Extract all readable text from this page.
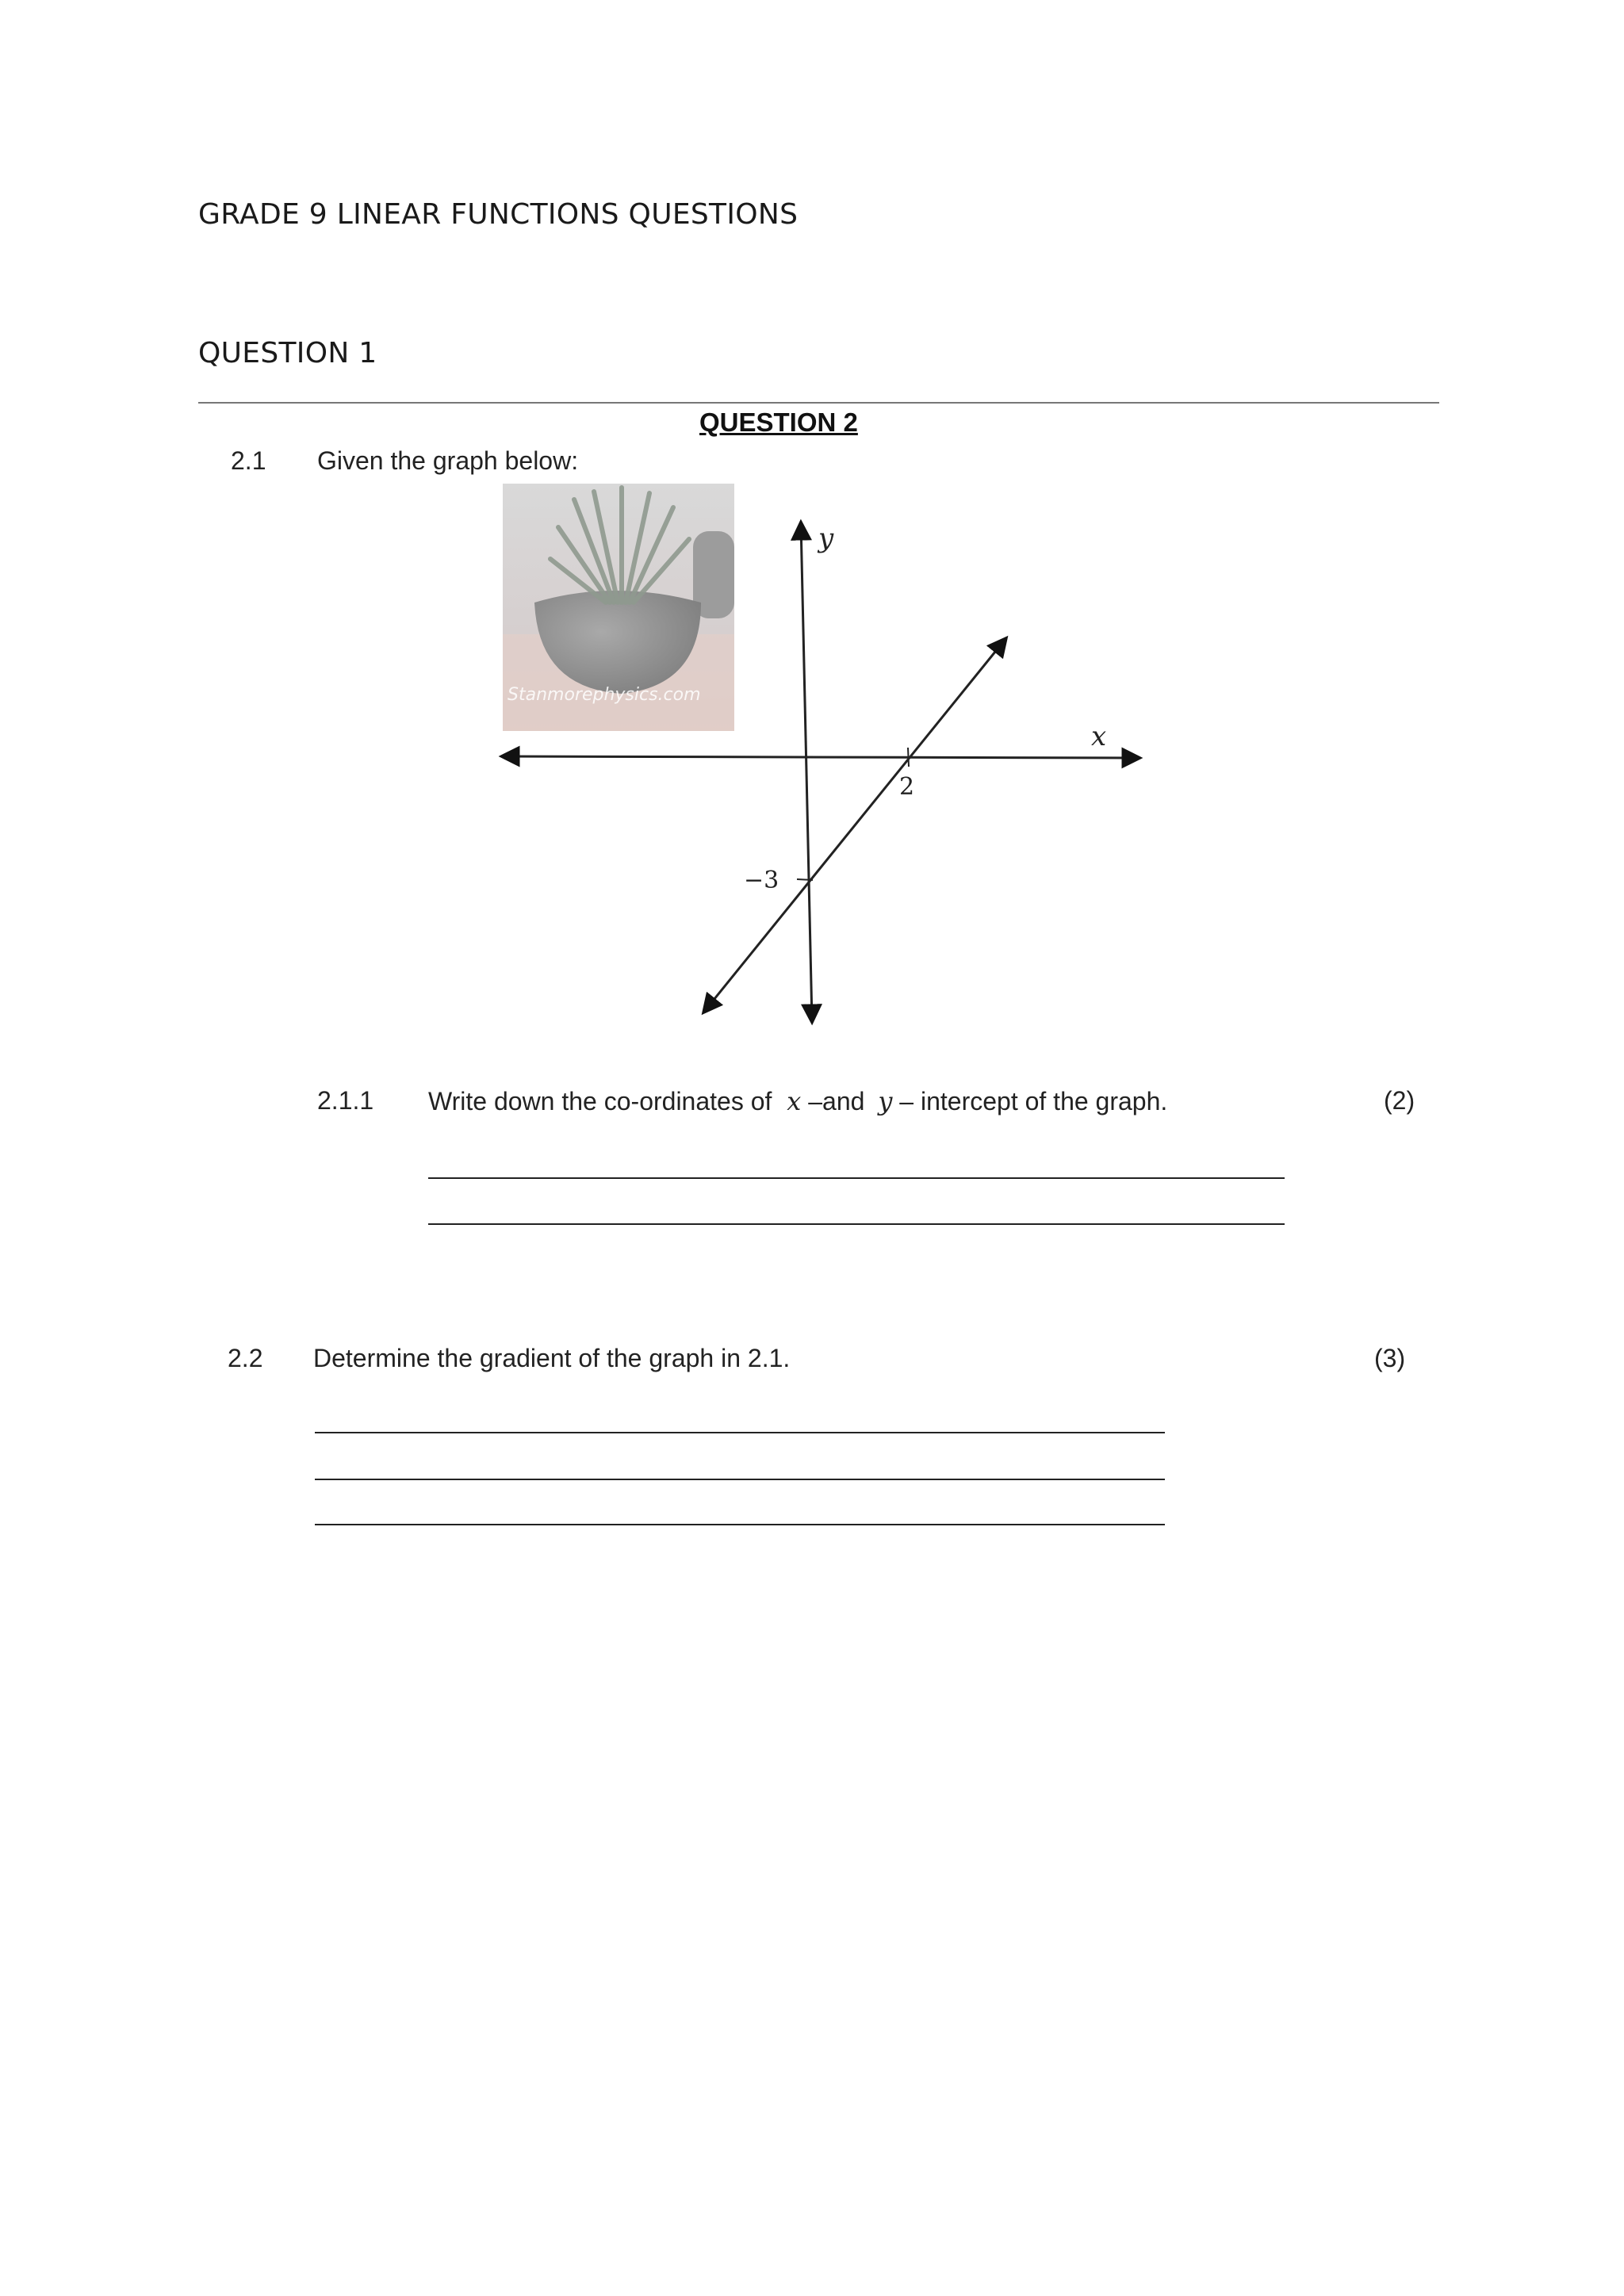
GRADE 9 LINEAR FUNCTIONS QUESTIONS
QUESTION 1
QUESTION 2
2.1 Given the graph below:
Stanmorephysics.com
y
x
2
−3
2.1.1 Write down the co-ordinates of x –and y – intercept of the graph.	(2)
2.2 Determine the gradient of the graph in 2.1.	(3)
